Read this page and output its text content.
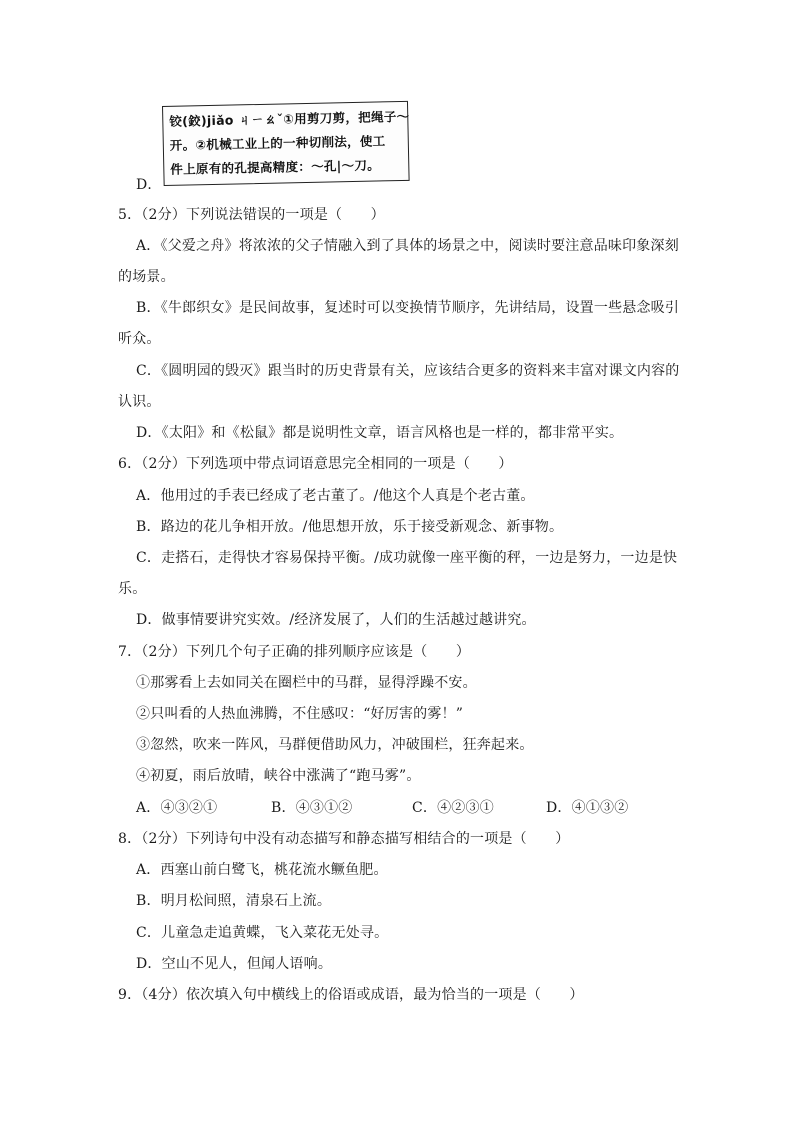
D．
铰(鉸)jiǎo ㄐㄧㄠˇ①用剪刀剪，把绳子～
开。②机械工业上的一种切削法，使工
件上原有的孔提高精度：～孔|～刀。
5．（2分）下列说法错误的一项是（　　）
A．《父爱之舟》将浓浓的父子情融入到了具体的场景之中，阅读时要注意品味印象深刻
的场景。
B．《牛郎织女》是民间故事，复述时可以变换情节顺序，先讲结局，设置一些悬念吸引
听众。
C．《圆明园的毁灭》跟当时的历史背景有关，应该结合更多的资料来丰富对课文内容的
认识。
D．《太阳》和《松鼠》都是说明性文章，语言风格也是一样的，都非常平实。
6．（2分）下列选项中带点词语意思完全相同的一项是（　　）
A．他用过的手表已经成了老古董了。/他这个人真是个老古董。
B．路边的花儿争相开放。/他思想开放，乐于接受新观念、新事物。
C．走搭石，走得快才容易保持平衡。/成功就像一座平衡的秤，一边是努力，一边是快
乐。
D．做事情要讲究实效。/经济发展了，人们的生活越过越讲究。
7．（2分）下列几个句子正确的排列顺序应该是（　　）
①那雾看上去如同关在圈栏中的马群，显得浮躁不安。
②只叫看的人热血沸腾，不住感叹：“好厉害的雾！”
③忽然，吹来一阵风，马群便借助风力，冲破围栏，狂奔起来。
④初夏，雨后放晴，峡谷中涨满了“跑马雾”。
A．④③②①	B．④③①②	C．④②③①	D．④①③②
8．（2分）下列诗句中没有动态描写和静态描写相结合的一项是（　　）
A．西塞山前白鹭飞，桃花流水鳜鱼肥。
B．明月松间照，清泉石上流。
C．儿童急走追黄蝶，飞入菜花无处寻。
D．空山不见人，但闻人语响。
9．（4分）依次填入句中横线上的俗语或成语，最为恰当的一项是（　　）
